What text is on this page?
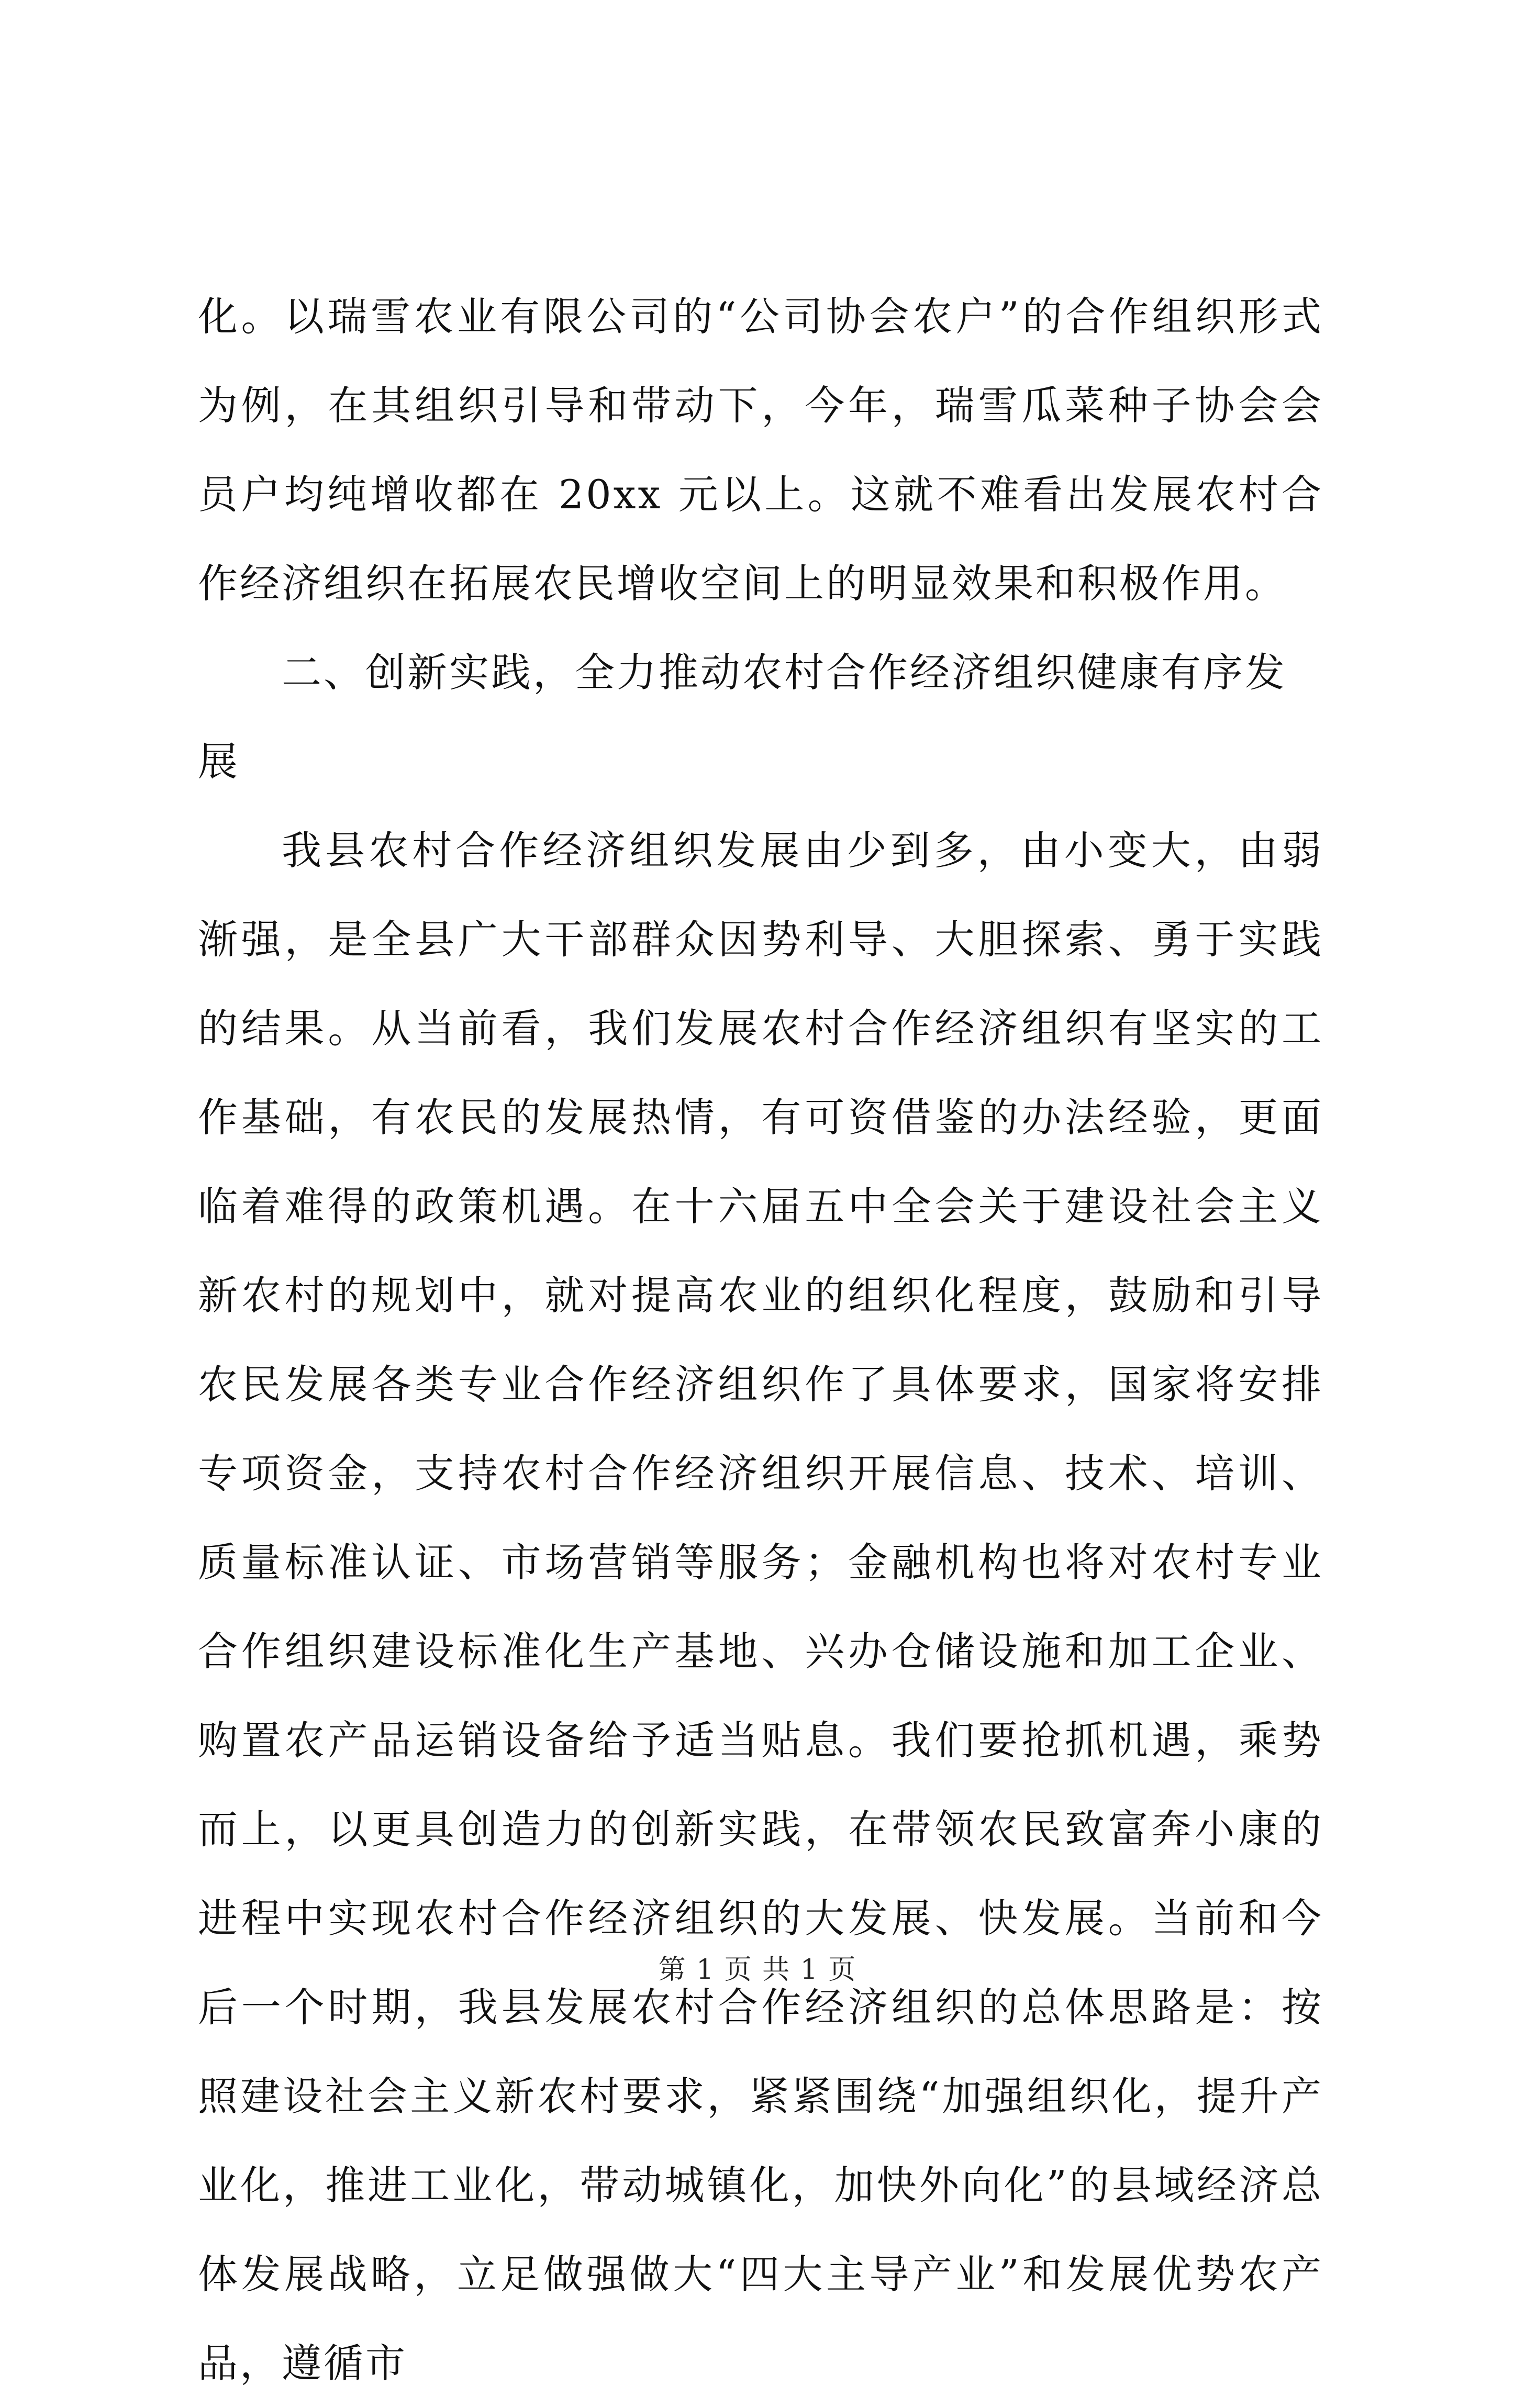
化。以瑞雪农业有限公司的“公司协会农户”的合作组织形式为例，在其组织引导和带动下，今年，瑞雪瓜菜种子协会会员户均纯增收都在 20xx 元以上。这就不难看出发展农村合作经济组织在拓展农民增收空间上的明显效果和积极作用。

二、创新实践，全力推动农村合作经济组织健康有序发展

我县农村合作经济组织发展由少到多，由小变大，由弱渐强，是全县广大干部群众因势利导、大胆探索、勇于实践的结果。从当前看，我们发展农村合作经济组织有坚实的工作基础，有农民的发展热情，有可资借鉴的办法经验，更面临着难得的政策机遇。在十六届五中全会关于建设社会主义新农村的规划中，就对提高农业的组织化程度，鼓励和引导农民发展各类专业合作经济组织作了具体要求，国家将安排专项资金，支持农村合作经济组织开展信息、技术、培训、质量标准认证、市场营销等服务；金融机构也将对农村专业合作组织建设标准化生产基地、兴办仓储设施和加工企业、购置农产品运销设备给予适当贴息。我们要抢抓机遇，乘势而上，以更具创造力的创新实践，在带领农民致富奔小康的进程中实现农村合作经济组织的大发展、快发展。当前和今后一个时期，我县发展农村合作经济组织的总体思路是：按照建设社会主义新农村要求，紧紧围绕“加强组织化，提升产业化，推进工业化，带动城镇化，加快外向化”的县域经济总体发展战略，立足做强做大“四大主导产业”和发展优势农产品，遵循市

第 1 页 共 1 页
